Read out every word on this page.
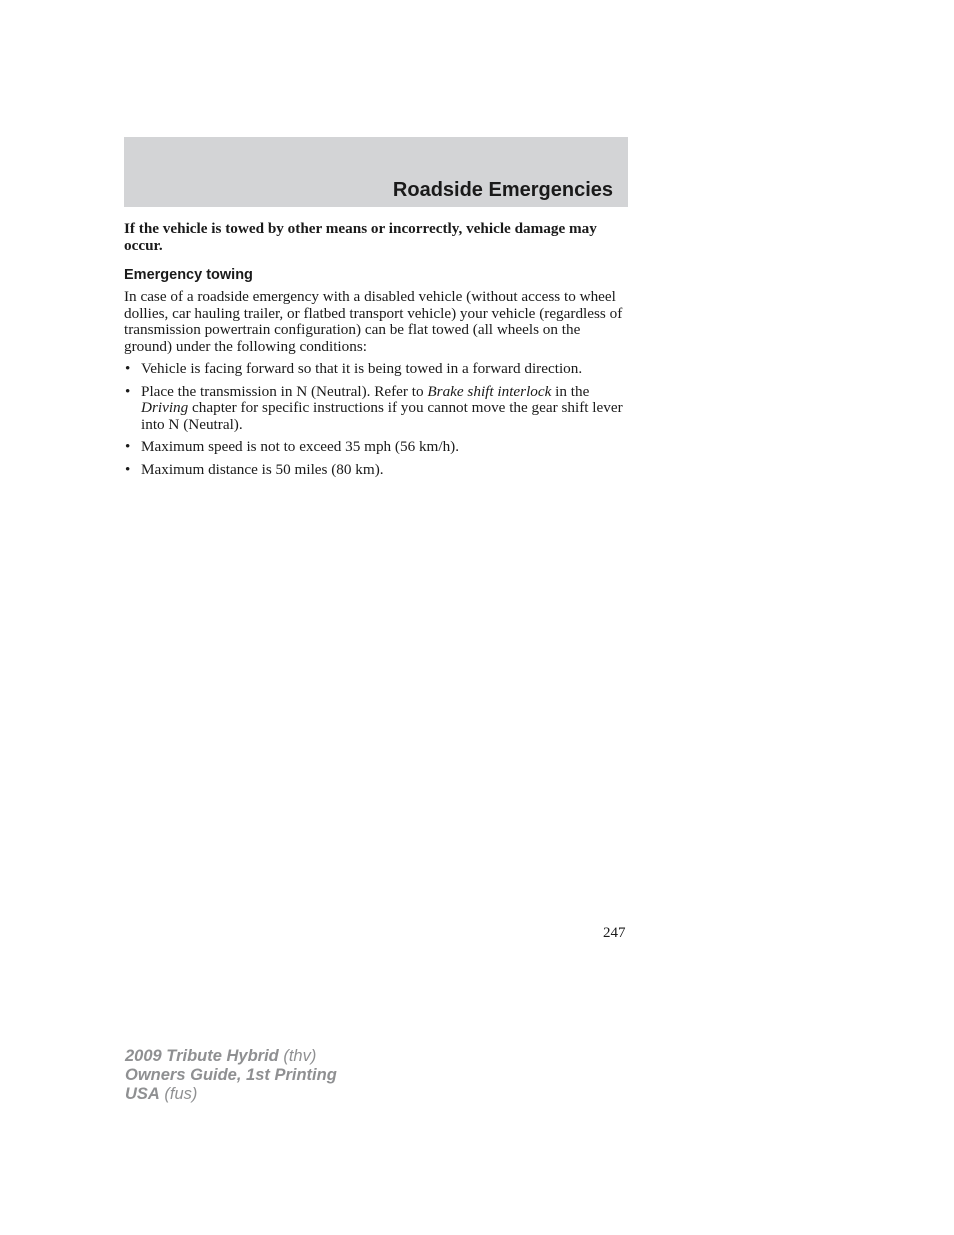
Roadside Emergencies

If the vehicle is towed by other means or incorrectly, vehicle damage may occur.

Emergency towing

In case of a roadside emergency with a disabled vehicle (without access to wheel dollies, car hauling trailer, or flatbed transport vehicle) your vehicle (regardless of transmission powertrain configuration) can be flat towed (all wheels on the ground) under the following conditions:

• Vehicle is facing forward so that it is being towed in a forward direction.
• Place the transmission in N (Neutral). Refer to Brake shift interlock in the Driving chapter for specific instructions if you cannot move the gear shift lever into N (Neutral).
• Maximum speed is not to exceed 35 mph (56 km/h).
• Maximum distance is 50 miles (80 km).
247
2009 Tribute Hybrid (thv)
Owners Guide, 1st Printing
USA (fus)
